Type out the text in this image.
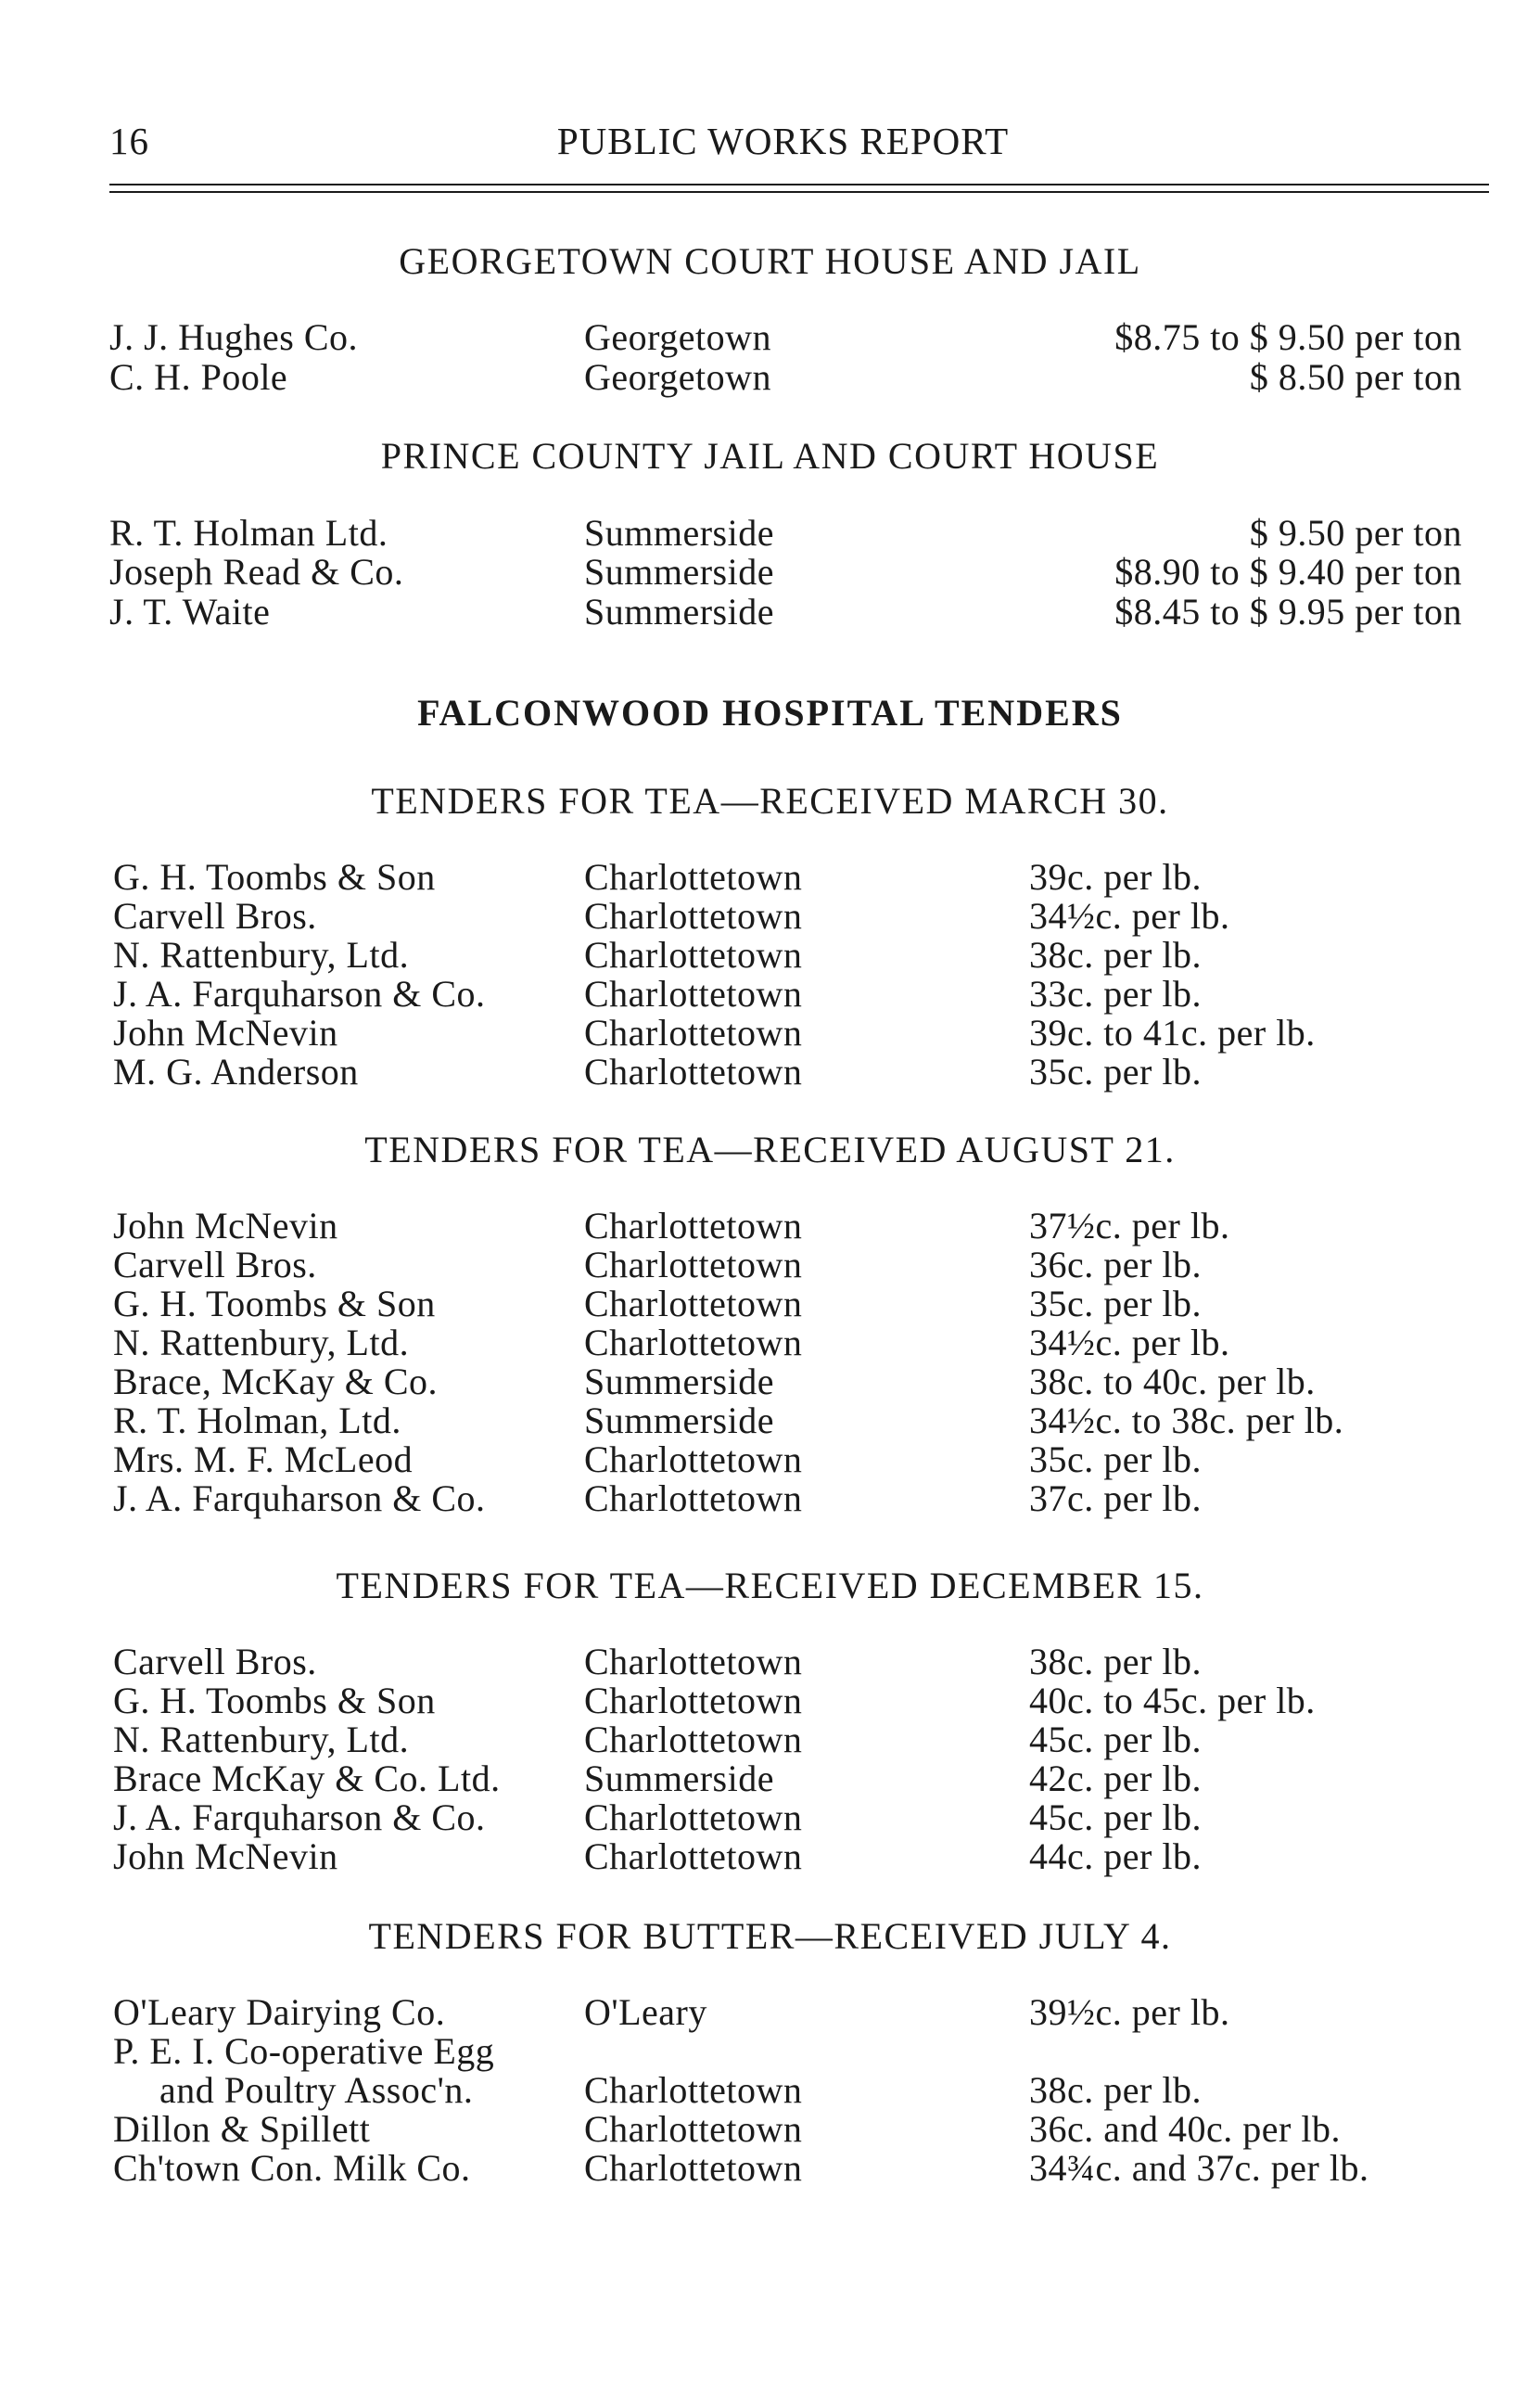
16	PUBLIC WORKS REPORT
GEORGETOWN COURT HOUSE AND JAIL
J. J. Hughes Co.	Georgetown	$8.75 to $ 9.50 per ton
C. H. Poole	Georgetown	$ 8.50 per ton
PRINCE COUNTY JAIL AND COURT HOUSE
R. T. Holman Ltd.	Summerside	$ 9.50 per ton
Joseph Read & Co.	Summerside	$8.90 to $ 9.40 per ton
J. T. Waite	Summerside	$8.45 to $ 9.95 per ton
FALCONWOOD HOSPITAL TENDERS
TENDERS FOR TEA—RECEIVED MARCH 30.
G. H. Toombs & Son	Charlottetown	39c. per lb.
Carvell Bros.	Charlottetown	34½c. per lb.
N. Rattenbury, Ltd.	Charlottetown	38c. per lb.
J. A. Farquharson & Co.	Charlottetown	33c. per lb.
John McNevin	Charlottetown	39c. to 41c. per lb.
M. G. Anderson	Charlottetown	35c. per lb.
TENDERS FOR TEA—RECEIVED AUGUST 21.
John McNevin	Charlottetown	37½c. per lb.
Carvell Bros.	Charlottetown	36c. per lb.
G. H. Toombs & Son	Charlottetown	35c. per lb.
N. Rattenbury, Ltd.	Charlottetown	34½c. per lb.
Brace, McKay & Co.	Summerside	38c. to 40c. per lb.
R. T. Holman, Ltd.	Summerside	34½c. to 38c. per lb.
Mrs. M. F. McLeod	Charlottetown	35c. per lb.
J. A. Farquharson & Co.	Charlottetown	37c. per lb.
TENDERS FOR TEA—RECEIVED DECEMBER 15.
Carvell Bros.	Charlottetown	38c. per lb.
G. H. Toombs & Son	Charlottetown	40c. to 45c. per lb.
N. Rattenbury, Ltd.	Charlottetown	45c. per lb.
Brace McKay & Co. Ltd. Summerside	42c. per lb.
J. A. Farquharson & Co.	Charlottetown	45c. per lb.
John McNevin	Charlottetown	44c. per lb.
TENDERS FOR BUTTER—RECEIVED JULY 4.
O'Leary Dairying Co.	O'Leary	39½c. per lb.
P. E. I. Co-operative Egg
and Poultry Assoc'n.	Charlottetown	38c. per lb.
Dillon & Spillett	Charlottetown	36c. and 40c. per lb.
Ch'town Con. Milk Co.	Charlottetown	34¾c. and 37c. per lb.
